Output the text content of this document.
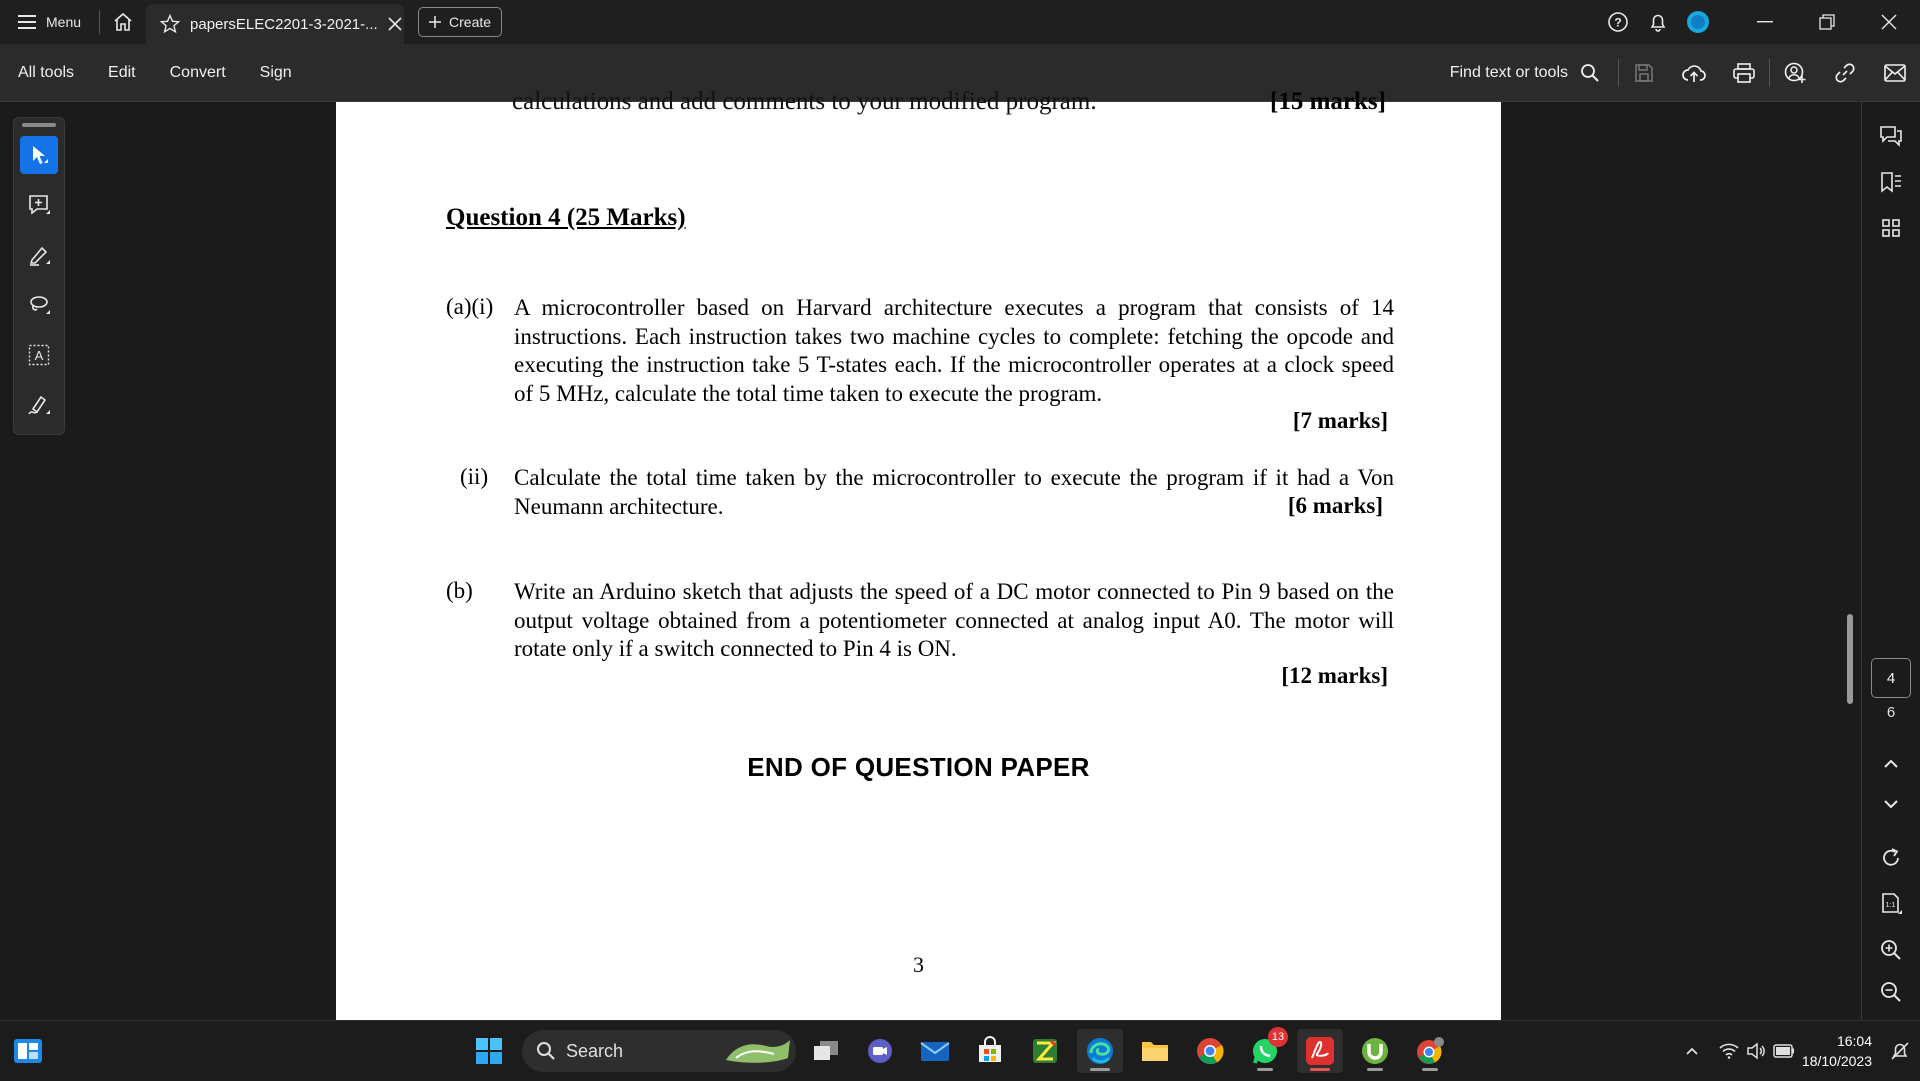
Menu	papersELEC2201-3-2021-...	Create	?
All tools	Edit	Convert	Sign	Find text or tools
A
calculations and add comments to your modified program.	[15 marks]
Question 4 (25 Marks)
(a)(i) A microcontroller based on Harvard architecture executes a program that consists of 14 instructions. Each instruction takes two machine cycles to complete: fetching the opcode and executing the instruction take 5 T-states each. If the microcontroller operates at a clock speed of 5 MHz, calculate the total time taken to execute the program.
[7 marks]
(ii) Calculate the total time taken by the microcontroller to execute the program if it had a Von Neumann architecture.	[6 marks]
(b) Write an Arduino sketch that adjusts the speed of a DC motor connected to Pin 9 based on the output voltage obtained from a potentiometer connected at analog input A0. The motor will rotate only if a switch connected to Pin 4 is ON.
[12 marks]
END OF QUESTION PAPER
3
4
6
1:1
Search
13	16:04
18/10/2023
